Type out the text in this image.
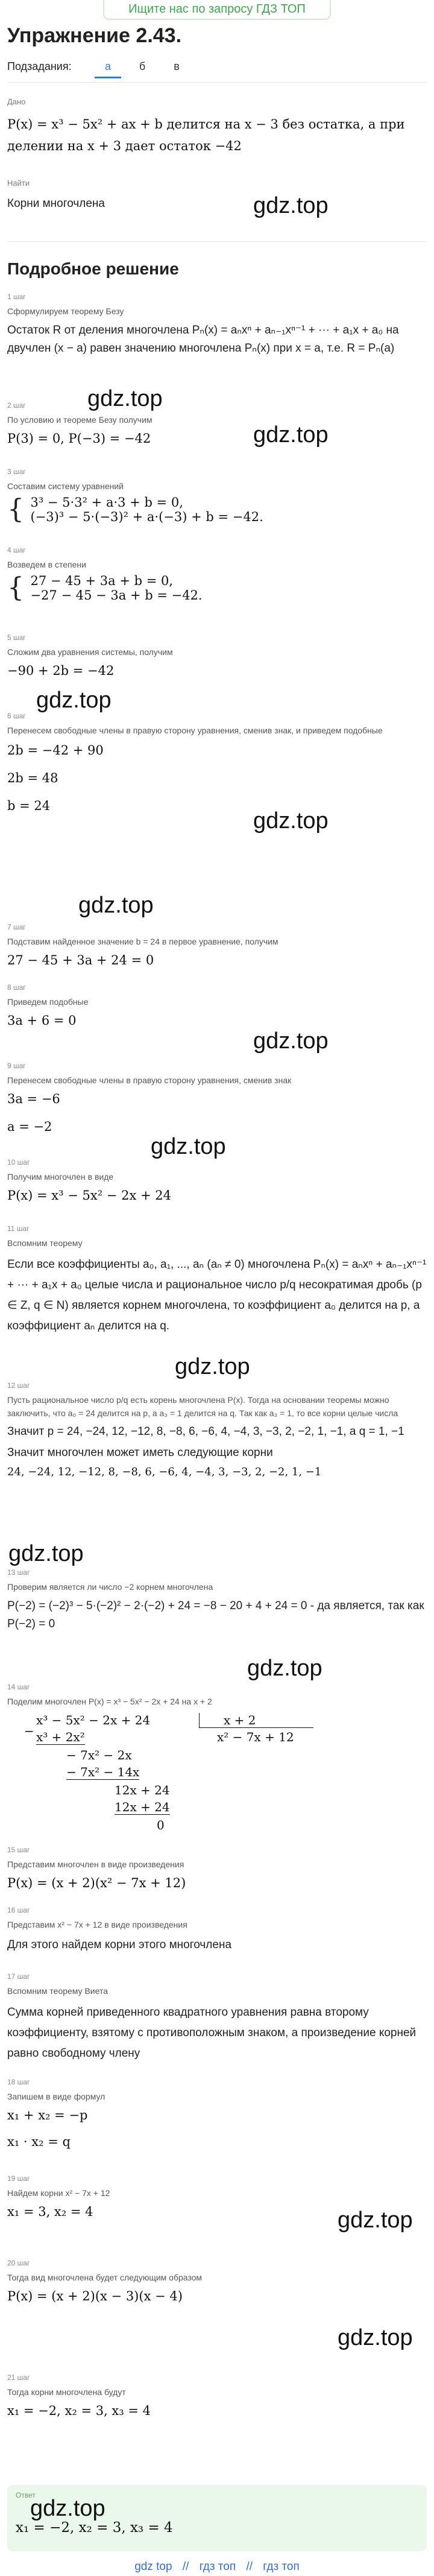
Ищите нас по запросу ГДЗ ТОП
Упражнение 2.43.
Подзадания:	а	б	в
Дано
P(x) = x³ − 5x² + ax + b делится на x − 3 без остатка, а при делении на x + 3 дает остаток −42
Найти
Корни многочлена	gdz.top
Подробное решение
1 шаг
Сформулируем теорему Безу
Остаток R от деления многочлена Pₙ(x) = aₙxⁿ + aₙ₋₁xⁿ⁻¹ + ··· + a₁x + a₀ на двучлен (x − a) равен значению многочлена Pₙ(x) при x = a, т.е. R = Pₙ(a)
gdz.top
2 шаг
По условию и теореме Безу получим
P(3) = 0, P(−3) = −42	gdz.top
3 шаг
Составим систему уравнений
{ 3³ − 5·3² + a·3 + b = 0,
(−3)³ − 5·(−3)² + a·(−3) + b = −42.
4 шаг
Возведем в степени
{ 27 − 45 + 3a + b = 0,
−27 − 45 − 3a + b = −42.
5 шаг
Сложим два уравнения системы, получим
−90 + 2b = −42
gdz.top
6 шаг
Перенесем свободные члены в правую сторону уравнения, сменив знак, и приведем подобные
2b = −42 + 90
2b = 48
b = 24
gdz.top
gdz.top
7 шаг
Подставим найденное значение b = 24 в первое уравнение, получим
27 − 45 + 3a + 24 = 0
8 шаг
Приведем подобные
3a + 6 = 0
gdz.top
9 шаг
Перенесем свободные члены в правую сторону уравнения, сменив знак
3a = −6
a = −2
gdz.top
10 шаг
Получим многочлен в виде
P(x) = x³ − 5x² − 2x + 24
11 шаг
Вспомним теорему
Если все коэффициенты a₀, a₁, ..., aₙ (aₙ ≠ 0) многочлена Pₙ(x) = aₙxⁿ + aₙ₋₁xⁿ⁻¹ + ··· + a₁x + a₀ целые числа и рациональное число p/q несократимая дробь (p ∈ Z, q ∈ N) является корнем многочлена, то коэффициент a₀ делится на p, а коэффициент aₙ делится на q.
gdz.top
12 шаг
Пусть рациональное число p/q есть корень многочлена P(x). Тогда на основании теоремы можно заключить, что a₀ = 24 делится на p, а a₃ = 1 делится на q. Так как a₃ = 1, то все корни целые числа
Значит p = 24, −24, 12, −12, 8, −8, 6, −6, 4, −4, 3, −3, 2, −2, 1, −1, а q = 1, −1
Значит многочлен может иметь следующие корни
24, −24, 12, −12, 8, −8, 6, −6, 4, −4, 3, −3, 2, −2, 1, −1
gdz.top
13 шаг
Проверим является ли число −2 корнем многочлена
P(−2) = (−2)³ − 5·(−2)² − 2·(−2) + 24 = −8 − 20 + 4 + 24 = 0 - да является, так как P(−2) = 0
gdz.top
14 шаг
Поделим многочлен P(x) = x³ − 5x² − 2x + 24 на x + 2
x³ − 5x² − 2x + 24
− x³ + 2x²
− 7x² − 2x
− 7x² − 14x
12x + 24
12x + 24
0
x + 2
x² − 7x + 12
15 шаг
Представим многочлен в виде произведения
P(x) = (x + 2)(x² − 7x + 12)
16 шаг
Представим x² − 7x + 12 в виде произведения
Для этого найдем корни этого многочлена
17 шаг
Вспомним теорему Виета
Сумма корней приведенного квадратного уравнения равна второму коэффициенту, взятому с противоположным знаком, а произведение корней равно свободному члену
18 шаг
Запишем в виде формул
x₁ + x₂ = −p
x₁ · x₂ = q
19 шаг
Найдем корни x² − 7x + 12
x₁ = 3, x₂ = 4	gdz.top
20 шаг
Тогда вид многочлена будет следующим образом
P(x) = (x + 2)(x − 3)(x − 4)
gdz.top
21 шаг
Тогда корни многочлена будут
x₁ = −2, x₂ = 3, x₃ = 4
Ответ
x₁ = −2, x₂ = 3, x₃ = 4
gdz.top
gdz top // гдз топ // гдз топ
